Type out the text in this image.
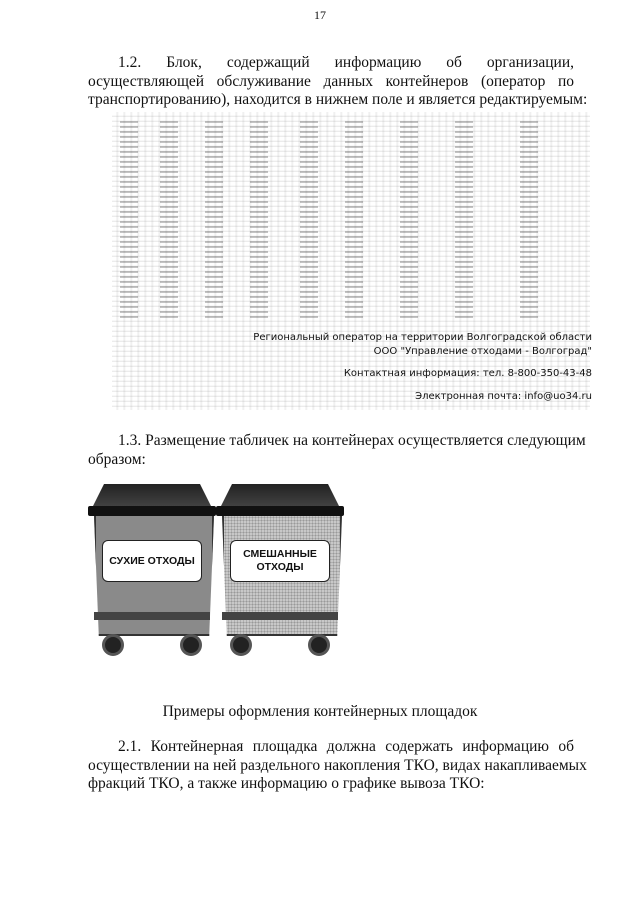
17
1.2. Блок, содержащий информацию об организации,
осуществляющей обслуживание данных контейнеров (оператор по
транспортированию), находится в нижнем поле и является редактируемым:
Региональный оператор на территории Волгоградской области
ООО "Управление отходами - Волгоград"
Контактная информация: тел. 8-800-350-43-48
Электронная почта: info@uo34.ru
1.3. Размещение табличек на контейнерах осуществляется следующим
образом:
СУХИЕ ОТХОДЫ
СМЕШАННЫЕ ОТХОДЫ
Примеры оформления контейнерных площадок
2.1. Контейнерная площадка должна содержать информацию об
осуществлении на ней раздельного накопления ТКО, видах накапливаемых
фракций ТКО, а также информацию о графике вывоза ТКО:
